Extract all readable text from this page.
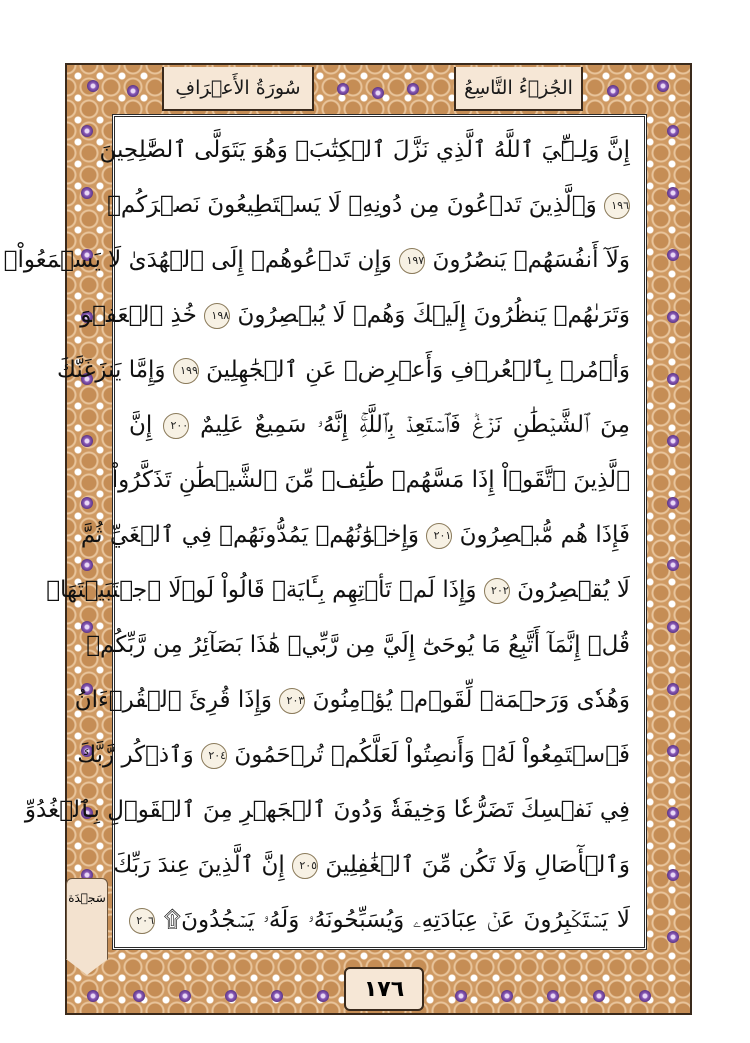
سُورَةُ الأَعۡرَافِ	الجُزۡءُ التَّاسِعُ
إِنَّ وَلِـِّۧيَ ٱللَّهُ ٱلَّذِي نَزَّلَ ٱلۡكِتَٰبَۖ وَهُوَ يَتَوَلَّى ٱلصَّٰلِحِينَ
١٩٦ وَٱلَّذِينَ تَدۡعُونَ مِن دُونِهِۦ لَا يَسۡتَطِيعُونَ نَصۡرَكُمۡ
وَلَآ أَنفُسَهُمۡ يَنصُرُونَ ١٩٧ وَإِن تَدۡعُوهُمۡ إِلَى ٱلۡهُدَىٰ لَا يَسۡمَعُواْۖ
وَتَرَىٰهُمۡ يَنظُرُونَ إِلَيۡكَ وَهُمۡ لَا يُبۡصِرُونَ ١٩٨ خُذِ ٱلۡعَفۡوَ
وَأۡمُرۡ بِٱلۡعُرۡفِ وَأَعۡرِضۡ عَنِ ٱلۡجَٰهِلِينَ ١٩٩ وَإِمَّا يَنزَغَنَّكَ
مِنَ ٱلشَّيۡطَٰنِ نَزۡغٞ فَٱسۡتَعِذۡ بِٱللَّهِۚ إِنَّهُۥ سَمِيعٌ عَلِيمٌ ٢٠٠ إِنَّ
ٱلَّذِينَ ٱتَّقَوۡاْ إِذَا مَسَّهُمۡ طَٰٓئِفٞ مِّنَ ٱلشَّيۡطَٰنِ تَذَكَّرُواْ
فَإِذَا هُم مُّبۡصِرُونَ ٢٠١ وَإِخۡوَٰنُهُمۡ يَمُدُّونَهُمۡ فِي ٱلۡغَيِّ ثُمَّ
لَا يُقۡصِرُونَ ٢٠٢ وَإِذَا لَمۡ تَأۡتِهِم بِـَٔايَةٖ قَالُواْ لَوۡلَا ٱجۡتَبَيۡتَهَاۚ
قُلۡ إِنَّمَآ أَتَّبِعُ مَا يُوحَىٰٓ إِلَيَّ مِن رَّبِّيۚ هَٰذَا بَصَآئِرُ مِن رَّبِّكُمۡ
وَهُدٗى وَرَحۡمَةٞ لِّقَوۡمٖ يُؤۡمِنُونَ ٢٠٣ وَإِذَا قُرِئَ ٱلۡقُرۡءَانُ
فَٱسۡتَمِعُواْ لَهُۥ وَأَنصِتُواْ لَعَلَّكُمۡ تُرۡحَمُونَ ٢٠٤ وَٱذۡكُر رَّبَّكَ
فِي نَفۡسِكَ تَضَرُّعٗا وَخِيفَةٗ وَدُونَ ٱلۡجَهۡرِ مِنَ ٱلۡقَوۡلِ بِٱلۡغُدُوِّ
وَٱلۡأٓصَالِ وَلَا تَكُن مِّنَ ٱلۡغَٰفِلِينَ ٢٠٥ إِنَّ ٱلَّذِينَ عِندَ رَبِّكَ
لَا يَسۡتَكۡبِرُونَ عَنۡ عِبَادَتِهِۦ وَيُسَبِّحُونَهُۥ وَلَهُۥ يَسۡجُدُونَ۩ ٢٠٦
١٧٦
سَجۡدَة
